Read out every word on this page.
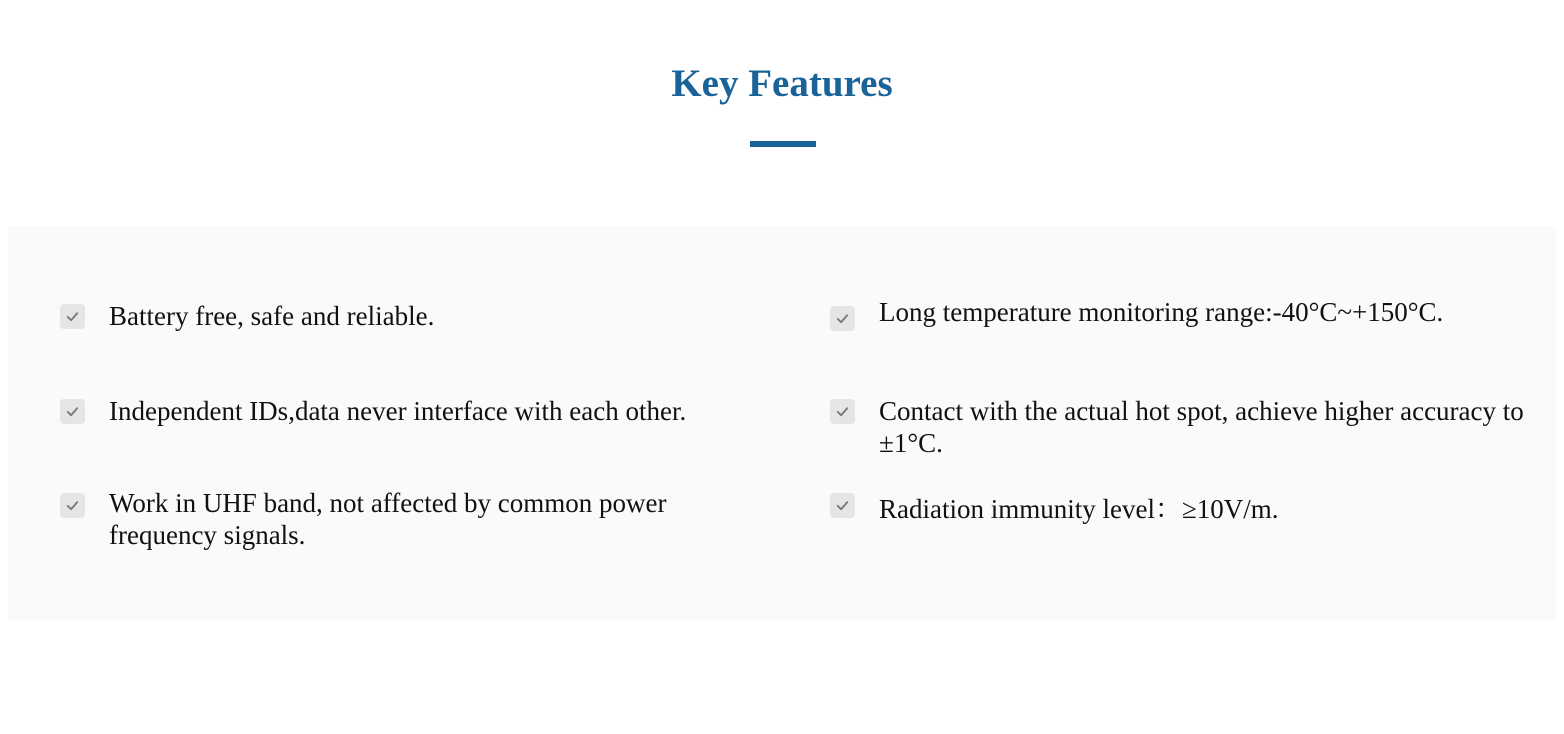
Key Features
Battery free, safe and reliable.
Independent IDs,data never interface with each other.
Work in UHF band, not affected by common power frequency signals.
Long temperature monitoring range:-40°C~+150°C.
Contact with the actual hot spot, achieve higher accuracy to ±1°C.
Radiation immunity level：≥10V/m.
